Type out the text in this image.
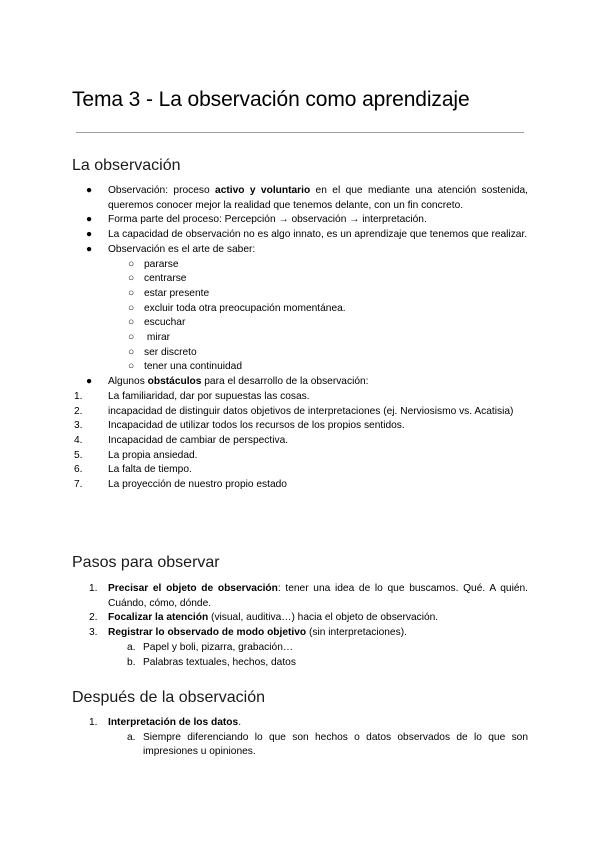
Tema 3 - La observación como aprendizaje
La observación
●	Observación: proceso activo y voluntario en el que mediante una atención sostenida, queremos conocer mejor la realidad que tenemos delante, con un fin concreto.
●	Forma parte del proceso: Percepción → observación → interpretación.
●	La capacidad de observación no es algo innato, es un aprendizaje que tenemos que realizar.
●	Observación es el arte de saber:
○ pararse
○ centrarse
○ estar presente
○ excluir toda otra preocupación momentánea.
○ escuchar
○ mirar
○ ser discreto
○ tener una continuidad
●	Algunos obstáculos para el desarrollo de la observación:
1.	La familiaridad, dar por supuestas las cosas.
2.	incapacidad de distinguir datos objetivos de interpretaciones (ej. Nerviosismo vs. Acatisia)
3.	Incapacidad de utilizar todos los recursos de los propios sentidos.
4.	Incapacidad de cambiar de perspectiva.
5.	La propia ansiedad.
6.	La falta de tiempo.
7.	La proyección de nuestro propio estado
Pasos para observar
1.	Precisar el objeto de observación: tener una idea de lo que buscamos. Qué. A quién. Cuándo, cómo, dónde.
2.	Focalizar la atención (visual, auditiva…) hacia el objeto de observación.
3.	Registrar lo observado de modo objetivo (sin interpretaciones).
a. Papel y boli, pizarra, grabación…
b. Palabras textuales, hechos, datos
Después de la observación
1.	Interpretación de los datos.
a. Siempre diferenciando lo que son hechos o datos observados de lo que son impresiones u opiniones.
